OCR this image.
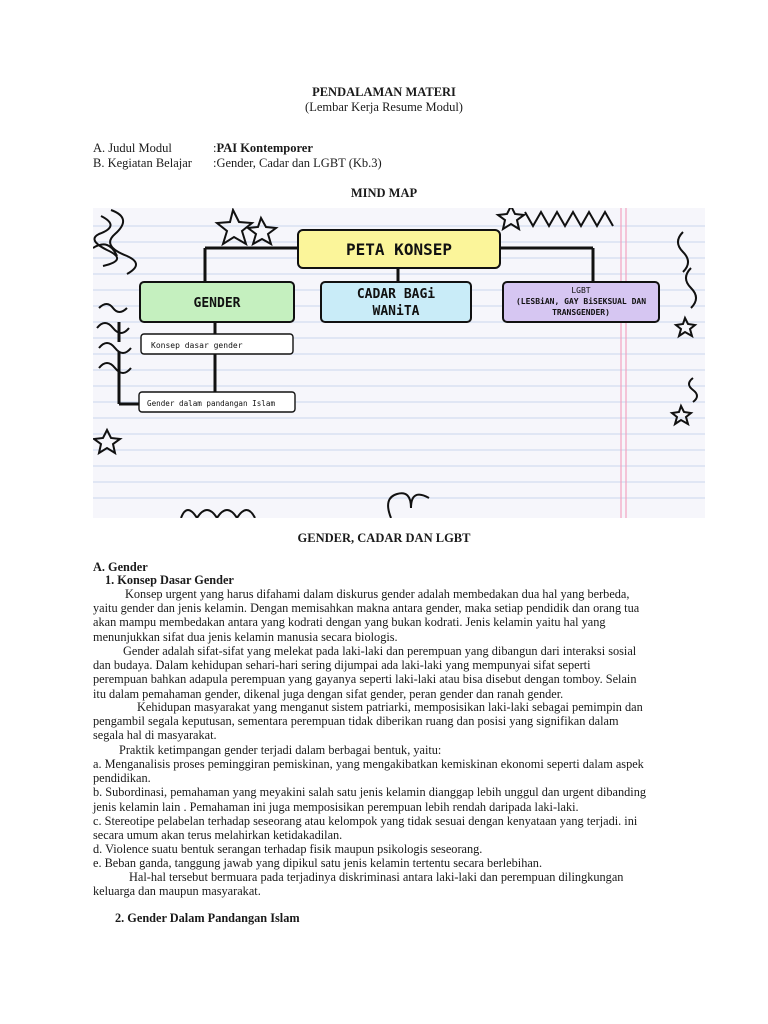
PENDALAMAN MATERI
(Lembar Kerja Resume Modul)
A. Judul Modul	:PAI Kontemporer
B. Kegiatan Belajar :Gender, Cadar dan LGBT (Kb.3)
MIND MAP
PETA KONSEP
GENDER
CADAR BAGi
WANiTA
LGBT
(LESBiAN, GAY BiSEKSUAL DAN
TRANSGENDER)
Konsep dasar gender
Gender dalam pandangan Islam
GENDER, CADAR DAN LGBT
A. Gender
1. Konsep Dasar Gender
Konsep urgent yang harus difahami dalam diskurus gender adalah membedakan dua hal yang berbeda,
yaitu gender dan jenis kelamin. Dengan memisahkan makna antara gender, maka setiap pendidik dan orang tua
akan mampu membedakan antara yang kodrati dengan yang bukan kodrati. Jenis kelamin yaitu hal yang
menunjukkan sifat dua jenis kelamin manusia secara biologis.
Gender adalah sifat-sifat yang melekat pada laki-laki dan perempuan yang dibangun dari interaksi sosial
dan budaya. Dalam kehidupan sehari-hari sering dijumpai ada laki-laki yang mempunyai sifat seperti
perempuan bahkan adapula perempuan yang gayanya seperti laki-laki atau bisa disebut dengan tomboy. Selain
itu dalam pemahaman gender, dikenal juga dengan sifat gender, peran gender dan ranah gender.
Kehidupan masyarakat yang menganut sistem patriarki, memposisikan laki-laki sebagai pemimpin dan
pengambil segala keputusan, sementara perempuan tidak diberikan ruang dan posisi yang signifikan dalam
segala hal di masyarakat.
Praktik ketimpangan gender terjadi dalam berbagai bentuk, yaitu:
a. Menganalisis proses peminggiran pemiskinan, yang mengakibatkan kemiskinan ekonomi seperti dalam aspek
pendidikan.
b. Subordinasi, pemahaman yang meyakini salah satu jenis kelamin dianggap lebih unggul dan urgent dibanding
jenis kelamin lain . Pemahaman ini juga memposisikan perempuan lebih rendah daripada laki-laki.
c. Stereotipe pelabelan terhadap seseorang atau kelompok yang tidak sesuai dengan kenyataan yang terjadi. ini
secara umum akan terus melahirkan ketidakadilan.
d. Violence suatu bentuk serangan terhadap fisik maupun psikologis seseorang.
e. Beban ganda, tanggung jawab yang dipikul satu jenis kelamin tertentu secara berlebihan.
Hal-hal tersebut bermuara pada terjadinya diskriminasi antara laki-laki dan perempuan dilingkungan
keluarga dan maupun masyarakat.
2. Gender Dalam Pandangan Islam
